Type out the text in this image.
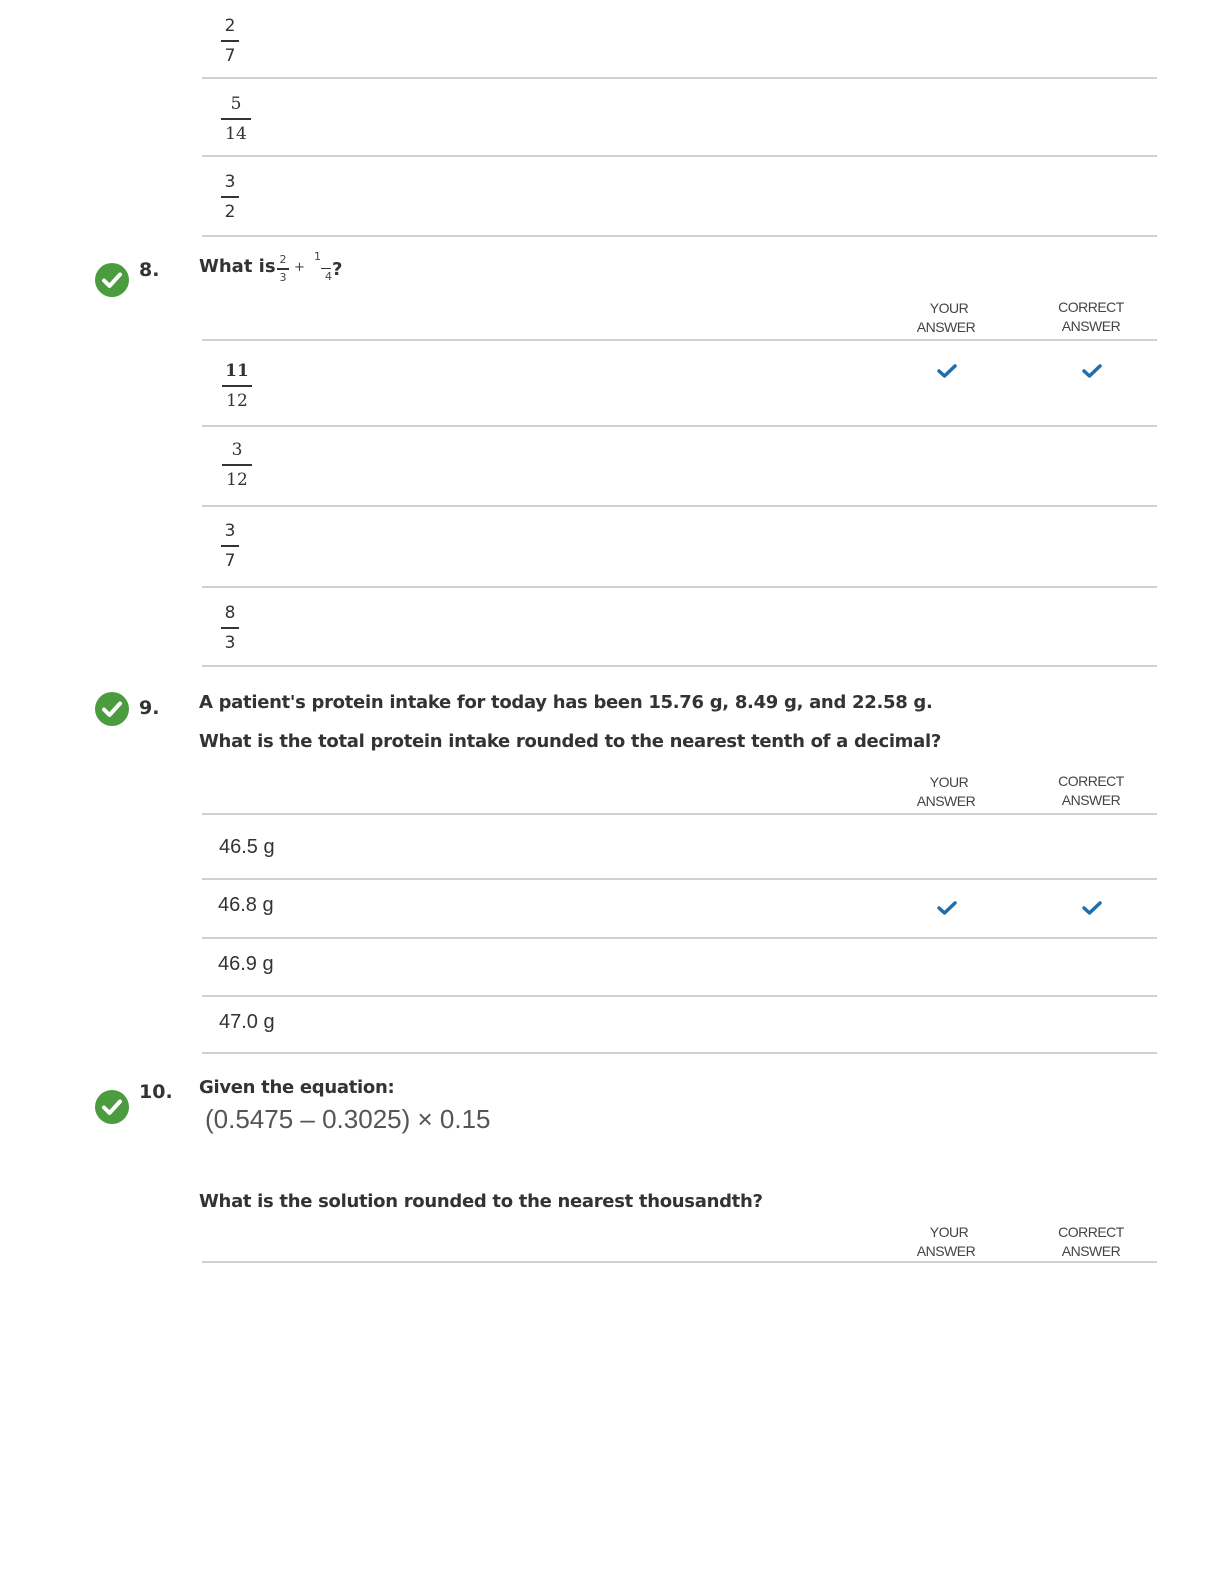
2
7
5
14
3
2
8. What is 2
3
+
1
4 ?
YOUR
ANSWER
CORRECT
ANSWER
11
12
3
12
3
7
8
3
9. A patient's protein intake for today has been 15.76 g, 8.49 g, and 22.58 g.
What is the total protein intake rounded to the nearest tenth of a decimal?
YOUR
ANSWER
CORRECT
ANSWER
46.5 g
46.8 g
46.9 g
47.0 g
10. Given the equation:
(0.5475 – 0.3025) × 0.15
What is the solution rounded to the nearest thousandth?
YOUR
ANSWER
CORRECT
ANSWER
